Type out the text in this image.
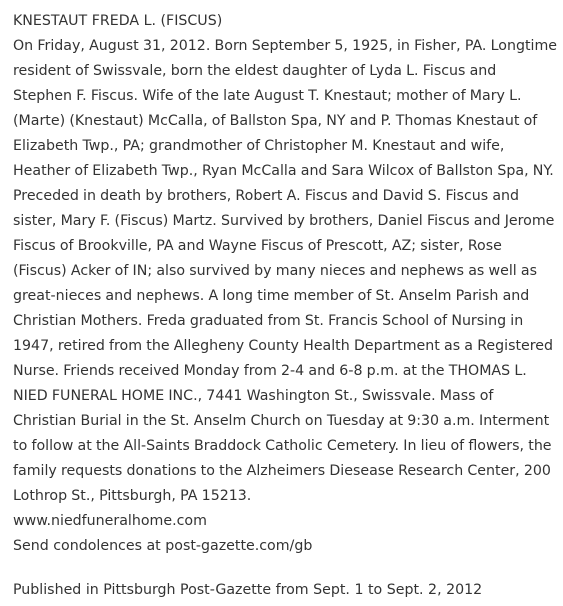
KNESTAUT FREDA L. (FISCUS)

On Friday, August 31, 2012. Born September 5, 1925, in Fisher, PA. Longtime resident of Swissvale, born the eldest daughter of Lyda L. Fiscus and Stephen F. Fiscus. Wife of the late August T. Knestaut; mother of Mary L. (Marte) (Knestaut) McCalla, of Ballston Spa, NY and P. Thomas Knestaut of Elizabeth Twp., PA; grandmother of Christopher M. Knestaut and wife, Heather of Elizabeth Twp., Ryan McCalla and Sara Wilcox of Ballston Spa, NY. Preceded in death by brothers, Robert A. Fiscus and David S. Fiscus and sister, Mary F. (Fiscus) Martz. Survived by brothers, Daniel Fiscus and Jerome Fiscus of Brookville, PA and Wayne Fiscus of Prescott, AZ; sister, Rose (Fiscus) Acker of IN; also survived by many nieces and nephews as well as great-nieces and nephews. A long time member of St. Anselm Parish and Christian Mothers. Freda graduated from St. Francis School of Nursing in 1947, retired from the Allegheny County Health Department as a Registered Nurse. Friends received Monday from 2-4 and 6-8 p.m. at the THOMAS L. NIED FUNERAL HOME INC., 7441 Washington St., Swissvale. Mass of Christian Burial in the St. Anselm Church on Tuesday at 9:30 a.m. Interment to follow at the All-Saints Braddock Catholic Cemetery. In lieu of flowers, the family requests donations to the Alzheimers Diesease Research Center, 200 Lothrop St., Pittsburgh, PA 15213.

www.niedfuneralhome.com
Send condolences at post-gazette.com/gb

Published in Pittsburgh Post-Gazette from Sept. 1 to Sept. 2, 2012
